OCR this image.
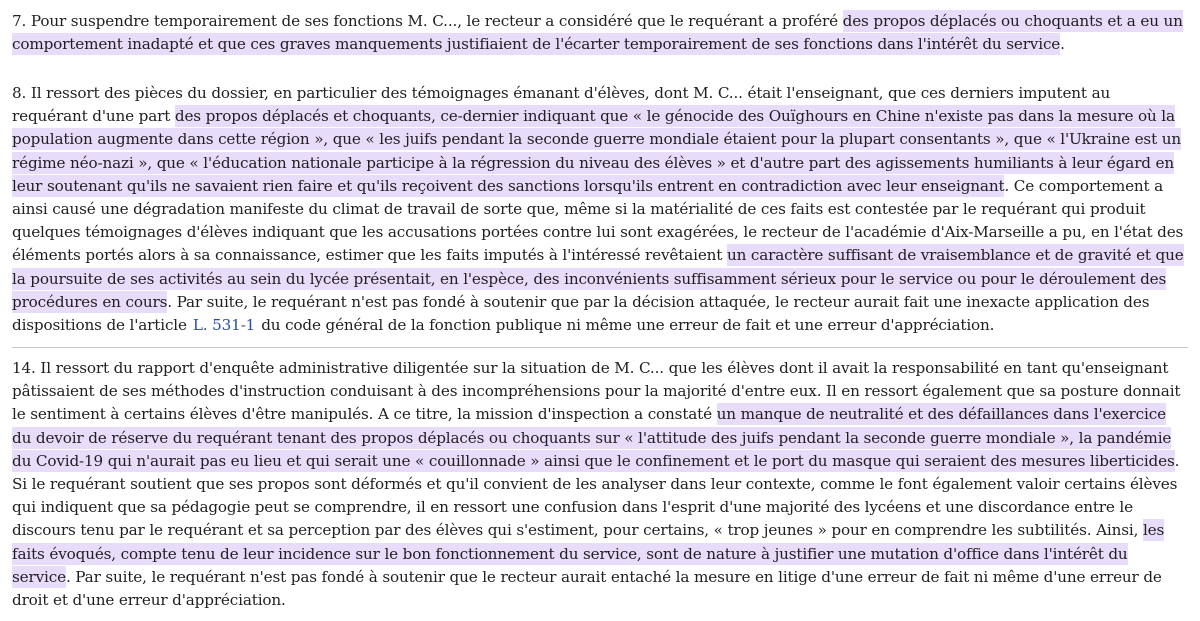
7. Pour suspendre temporairement de ses fonctions M. C..., le recteur a considéré que le requérant a proféré des propos déplacés ou choquants et a eu un comportement inadapté et que ces graves manquements justifiaient de l'écarter temporairement de ses fonctions dans l'intérêt du service.

8. Il ressort des pièces du dossier, en particulier des témoignages émanant d'élèves, dont M. C... était l'enseignant, que ces derniers imputent au requérant d'une part des propos déplacés et choquants, ce-dernier indiquant que « le génocide des Ouïghours en Chine n'existe pas dans la mesure où la population augmente dans cette région », que « les juifs pendant la seconde guerre mondiale étaient pour la plupart consentants », que « l'Ukraine est un régime néo-nazi », que « l'éducation nationale participe à la régression du niveau des élèves » et d'autre part des agissements humiliants à leur égard en leur soutenant qu'ils ne savaient rien faire et qu'ils reçoivent des sanctions lorsqu'ils entrent en contradiction avec leur enseignant. Ce comportement a ainsi causé une dégradation manifeste du climat de travail de sorte que, même si la matérialité de ces faits est contestée par le requérant qui produit quelques témoignages d'élèves indiquant que les accusations portées contre lui sont exagérées, le recteur de l'académie d'Aix-Marseille a pu, en l'état des éléments portés alors à sa connaissance, estimer que les faits imputés à l'intéressé revêtaient un caractère suffisant de vraisemblance et de gravité et que la poursuite de ses activités au sein du lycée présentait, en l'espèce, des inconvénients suffisamment sérieux pour le service ou pour le déroulement des procédures en cours. Par suite, le requérant n'est pas fondé à soutenir que par la décision attaquée, le recteur aurait fait une inexacte application des dispositions de l'article L. 531-1 du code général de la fonction publique ni même une erreur de fait et une erreur d'appréciation.

14. Il ressort du rapport d'enquête administrative diligentée sur la situation de M. C... que les élèves dont il avait la responsabilité en tant qu'enseignant pâtissaient de ses méthodes d'instruction conduisant à des incompréhensions pour la majorité d'entre eux. Il en ressort également que sa posture donnait le sentiment à certains élèves d'être manipulés. A ce titre, la mission d'inspection a constaté un manque de neutralité et des défaillances dans l'exercice du devoir de réserve du requérant tenant des propos déplacés ou choquants sur « l'attitude des juifs pendant la seconde guerre mondiale », la pandémie du Covid-19 qui n'aurait pas eu lieu et qui serait une « couillonnade » ainsi que le confinement et le port du masque qui seraient des mesures liberticides. Si le requérant soutient que ses propos sont déformés et qu'il convient de les analyser dans leur contexte, comme le font également valoir certains élèves qui indiquent que sa pédagogie peut se comprendre, il en ressort une confusion dans l'esprit d'une majorité des lycéens et une discordance entre le discours tenu par le requérant et sa perception par des élèves qui s'estiment, pour certains, « trop jeunes » pour en comprendre les subtilités. Ainsi, les faits évoqués, compte tenu de leur incidence sur le bon fonctionnement du service, sont de nature à justifier une mutation d'office dans l'intérêt du service. Par suite, le requérant n'est pas fondé à soutenir que le recteur aurait entaché la mesure en litige d'une erreur de fait ni même d'une erreur de droit et d'une erreur d'appréciation.
